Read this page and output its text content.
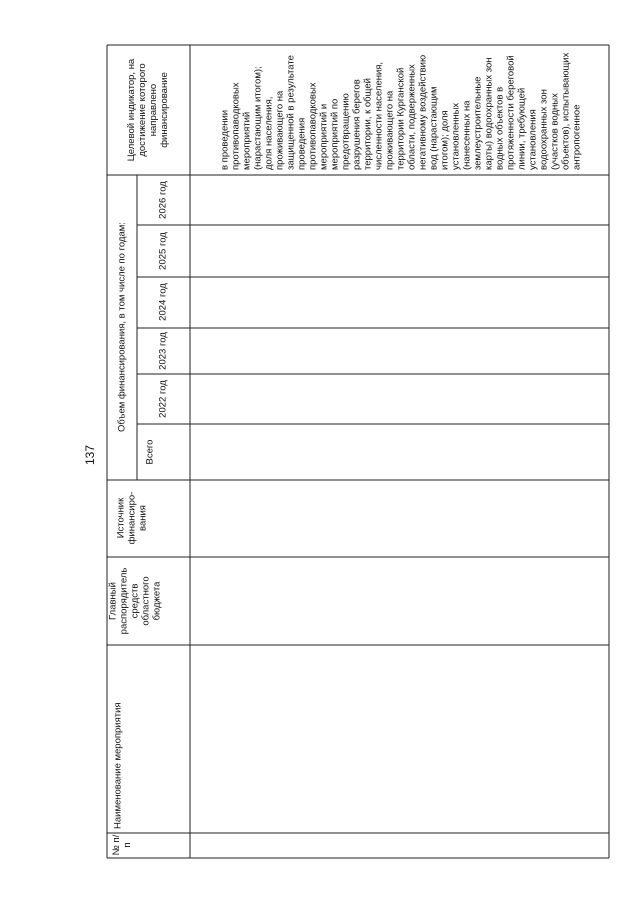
137
Целевой индикатор, на достижение которого направлено финансирование
Объем финансирования, в том числе по годам:
2026 год
2025 год
2024 год
2023 год
2022 год
Всего
Источник финансиро-вания
Главный распорядитель средств областного бюджета
Наименование мероприятия
№ п/п
в проведении противопаводковых мероприятий (нарастающим итогом); доля населения, проживающего на защищенной в результате проведения противопаводковых мероприятий и мероприятий по предотвращению разрушения берегов территории, к общей численности населения, проживающего на территории Курганской области, подверженных негативному воздействию вод (нарастающим итогом); доля установленных (нанесенных на землеустроительные карты) водоохранных зон водных объектов в протяженности береговой линии, требующей установления водоохранных зон (участков водных объектов), испытывающих антропогенное
